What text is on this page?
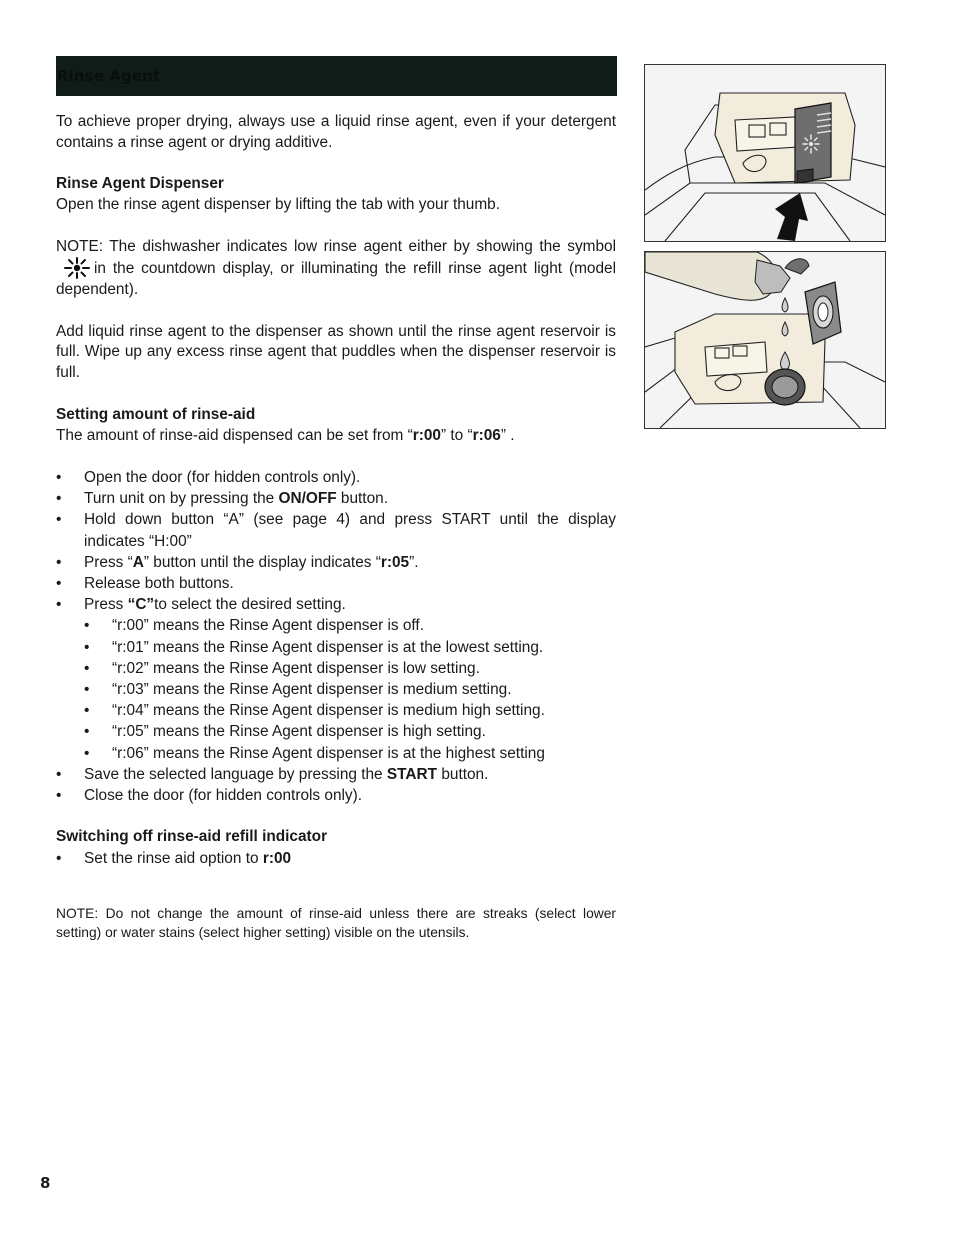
Rinse Agent

To achieve proper drying, always use a liquid rinse agent, even if your detergent contains a rinse agent or drying additive.

Rinse Agent Dispenser

Open the rinse agent dispenser by lifting the tab with your thumb.

NOTE: The dishwasher indicates low rinse agent either by showing the symbolin the countdown display, or illuminating the refill rinse agent light (model dependent).

Add liquid rinse agent to the dispenser as shown until the rinse agent reservoir is full. Wipe up any excess rinse agent that puddles when the dispenser reservoir is full.

Setting amount of rinse-aid

The amount of rinse-aid dispensed can be set from “r:00” to “r:06” .

• Open the door (for hidden controls only).
• Turn unit on by pressing the ON/OFF button.
• Hold down button “A” (see page 4) and press START until the display indicates “H:00”
• Press “A” button until the display indicates “r:05”.
• Release both buttons.
• Press “C”to select the desired setting.
• “r:00” means the Rinse Agent dispenser is off.
• “r:01” means the Rinse Agent dispenser is at the lowest setting.
• “r:02” means the Rinse Agent dispenser is low setting.
• “r:03” means the Rinse Agent dispenser is medium setting.
• “r:04” means the Rinse Agent dispenser is medium high setting.
• “r:05” means the Rinse Agent dispenser is high setting.
• “r:06” means the Rinse Agent dispenser is at the highest setting
• Save the selected language by pressing the START button.
• Close the door (for hidden controls only).

Switching off rinse-aid refill indicator

• Set the rinse aid option to r:00

NOTE: Do not change the amount of rinse-aid unless there are streaks (select lower setting) or water stains (select higher setting) visible on the utensils.

8
